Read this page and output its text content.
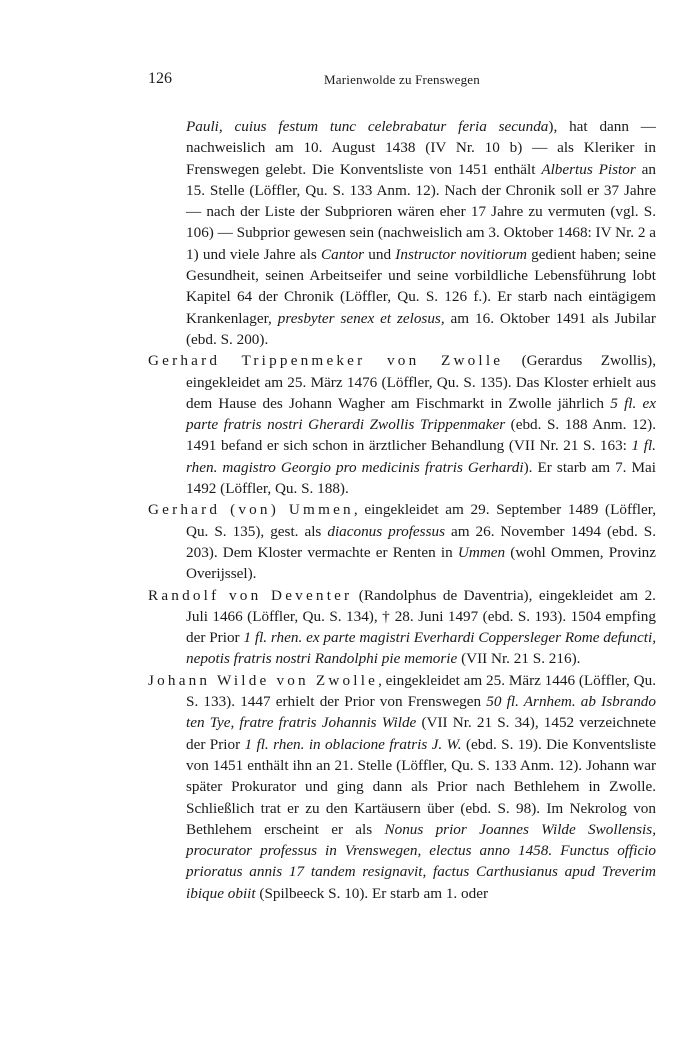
126	Marienwolde zu Frenswegen

Pauli, cuius festum tunc celebrabatur feria secunda), hat dann — nachweislich am 10. August 1438 (IV Nr. 10 b) — als Kleriker in Frenswegen gelebt. Die Konventsliste von 1451 enthält Albertus Pistor an 15. Stelle (Löffler, Qu. S. 133 Anm. 12). Nach der Chronik soll er 37 Jahre — nach der Liste der Subprioren wären eher 17 Jahre zu vermuten (vgl. S. 106) — Subprior gewesen sein (nachweislich am 3. Oktober 1468: IV Nr. 2 a 1) und viele Jahre als Cantor und Instructor novitiorum gedient haben; seine Gesundheit, seinen Arbeitseifer und seine vorbildliche Lebensführung lobt Kapitel 64 der Chronik (Löffler, Qu. S. 126 f.). Er starb nach eintägigem Krankenlager, presbyter senex et zelosus, am 16. Oktober 1491 als Jubilar (ebd. S. 200).

Gerhard Trippenmeker von Zwolle (Gerardus Zwollis), eingekleidet am 25. März 1476 (Löffler, Qu. S. 135). Das Kloster erhielt aus dem Hause des Johann Wagher am Fischmarkt in Zwolle jährlich 5 fl. ex parte fratris nostri Gherardi Zwollis Trippenmaker (ebd. S. 188 Anm. 12). 1491 befand er sich schon in ärztlicher Behandlung (VII Nr. 21 S. 163: 1 fl. rhen. magistro Georgio pro medicinis fratris Gerhardi). Er starb am 7. Mai 1492 (Löffler, Qu. S. 188).

Gerhard (von) Ummen, eingekleidet am 29. September 1489 (Löffler, Qu. S. 135), gest. als diaconus professus am 26. November 1494 (ebd. S. 203). Dem Kloster vermachte er Renten in Ummen (wohl Ommen, Provinz Overijssel).

Randolf von Deventer (Randolphus de Daventria), eingekleidet am 2. Juli 1466 (Löffler, Qu. S. 134), † 28. Juni 1497 (ebd. S. 193). 1504 empfing der Prior 1 fl. rhen. ex parte magistri Everhardi Coppersleger Rome defuncti, nepotis fratris nostri Randolphi pie memorie (VII Nr. 21 S. 216).

Johann Wilde von Zwolle, eingekleidet am 25. März 1446 (Löffler, Qu. S. 133). 1447 erhielt der Prior von Frenswegen 50 fl. Arnhem. ab Isbrando ten Tye, fratre fratris Johannis Wilde (VII Nr. 21 S. 34), 1452 verzeichnete der Prior 1 fl. rhen. in oblacione fratris J. W. (ebd. S. 19). Die Konventsliste von 1451 enthält ihn an 21. Stelle (Löffler, Qu. S. 133 Anm. 12). Johann war später Prokurator und ging dann als Prior nach Bethlehem in Zwolle. Schließlich trat er zu den Kartäusern über (ebd. S. 98). Im Nekrolog von Bethlehem erscheint er als Nonus prior Joannes Wilde Swollensis, procurator professus in Vrenswegen, electus anno 1458. Functus officio prioratus annis 17 tandem resignavit, factus Carthusianus apud Treverim ibique obiit (Spilbeeck S. 10). Er starb am 1. oder
